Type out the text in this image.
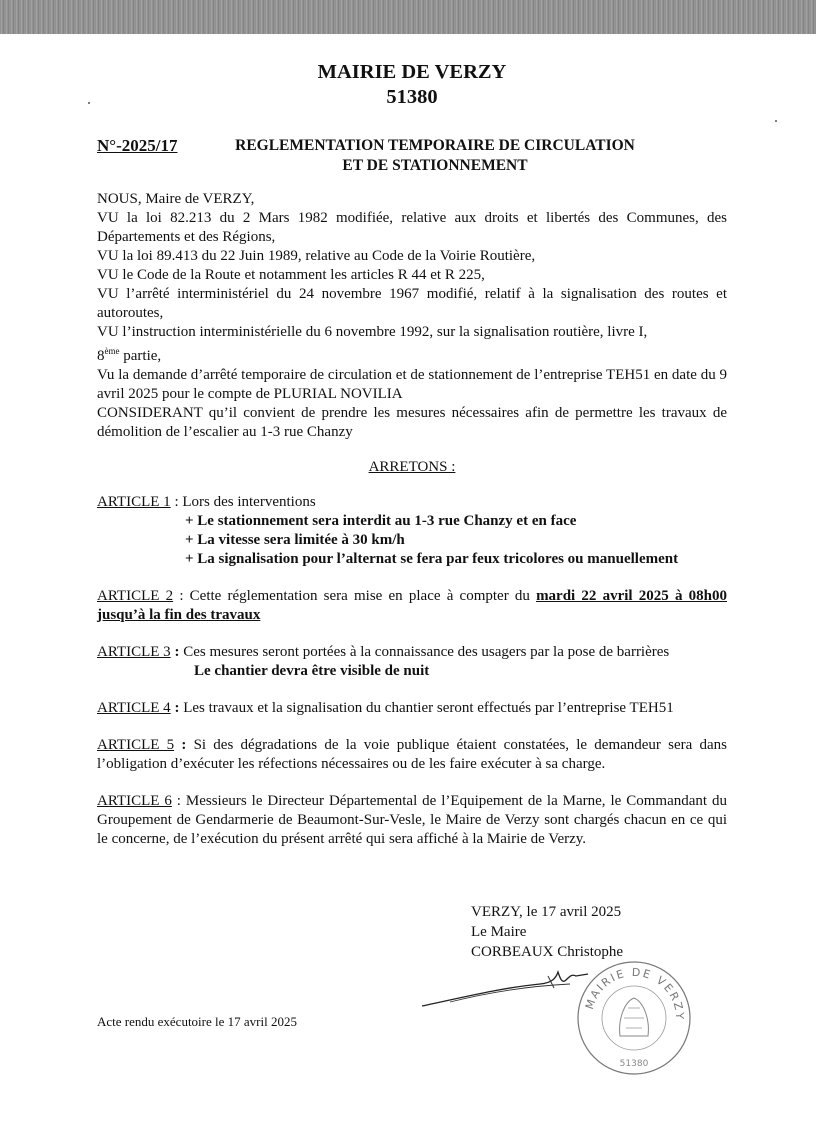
MAIRIE DE VERZY
51380
N°-2025/17	REGLEMENTATION TEMPORAIRE DE CIRCULATION
ET DE STATIONNEMENT

NOUS, Maire de VERZY,

VU la loi 82.213 du 2 Mars 1982 modifiée, relative aux droits et libertés des Communes, des Départements et des Régions,

VU la loi 89.413 du 22 Juin 1989, relative au Code de la Voirie Routière,

VU le Code de la Route et notamment les articles R 44 et R 225,

VU l’arrêté interministériel du 24 novembre 1967 modifié, relatif à la signalisation des routes et autoroutes,

VU l’instruction interministérielle du 6 novembre 1992, sur la signalisation routière, livre I,
8ème partie,

Vu la demande d’arrêté temporaire de circulation et de stationnement de l’entreprise TEH51 en date du 9 avril 2025 pour le compte de PLURIAL NOVILIA

CONSIDERANT qu’il convient de prendre les mesures nécessaires afin de permettre les travaux de démolition de l’escalier au 1-3 rue Chanzy

ARRETONS :

ARTICLE 1 : Lors des interventions

+ Le stationnement sera interdit au 1-3 rue Chanzy et en face
+ La vitesse sera limitée à 30 km/h
+ La signalisation pour l’alternat se fera par feux tricolores ou manuellement

ARTICLE 2 : Cette réglementation sera mise en place à compter du mardi 22 avril 2025 à 08h00 jusqu’à la fin des travaux

ARTICLE 3 : Ces mesures seront portées à la connaissance des usagers par la pose de barrières

Le chantier devra être visible de nuit

ARTICLE 4 : Les travaux et la signalisation du chantier seront effectués par l’entreprise TEH51

ARTICLE 5 : Si des dégradations de la voie publique étaient constatées, le demandeur sera dans l’obligation d’exécuter les réfections nécessaires ou de les faire exécuter à sa charge.

ARTICLE 6 : Messieurs le Directeur Départemental de l’Equipement de la Marne, le Commandant du Groupement de Gendarmerie de Beaumont-Sur-Vesle, le Maire de Verzy sont chargés chacun en ce qui le concerne, de l’exécution du présent arrêté qui sera affiché à la Mairie de Verzy.

VERZY, le 17 avril 2025
Le Maire
CORBEAUX Christophe
MAIRIE DE VERZY
51380
Acte rendu exécutoire le 17 avril 2025
